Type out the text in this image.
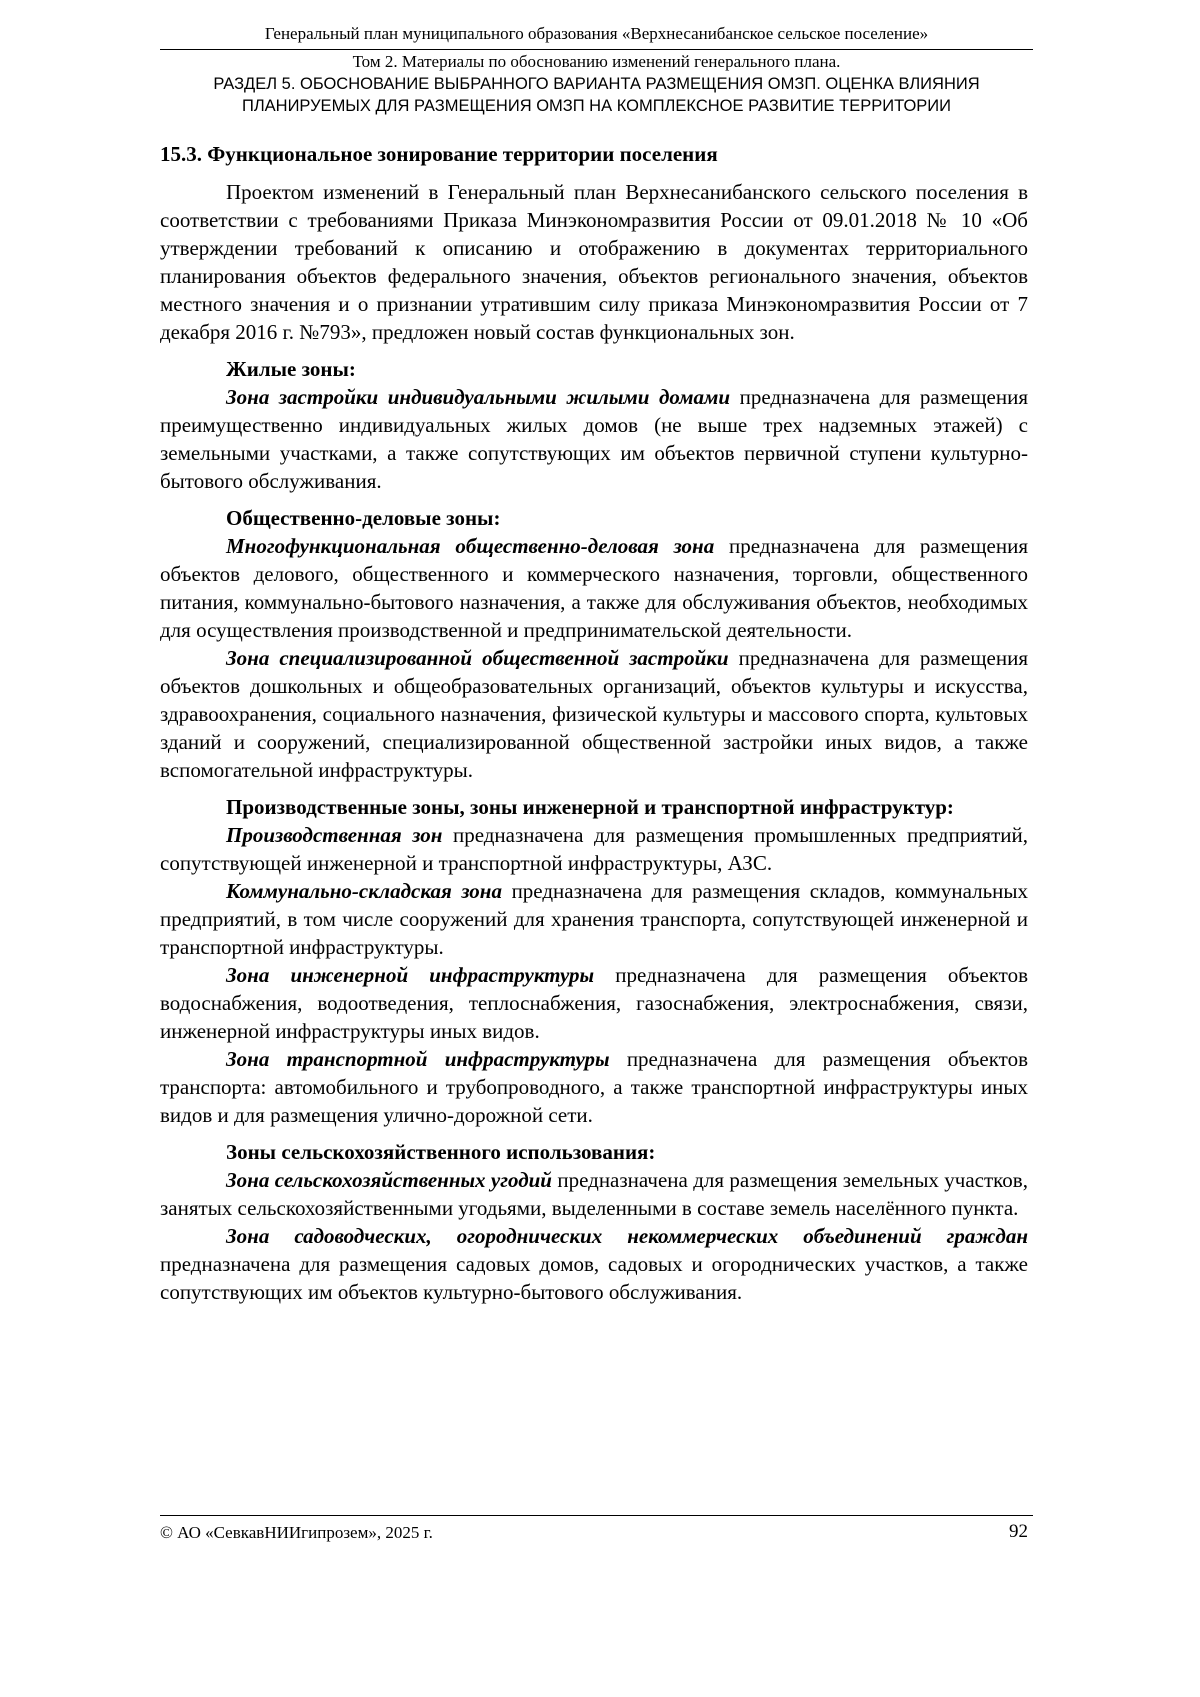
Генеральный план муниципального образования «Верхнесанибанское сельское поселение»
Том 2. Материалы по обоснованию изменений генерального плана.
РАЗДЕЛ 5. ОБОСНОВАНИЕ ВЫБРАННОГО ВАРИАНТА РАЗМЕЩЕНИЯ ОМЗП. ОЦЕНКА ВЛИЯНИЯ
ПЛАНИРУЕМЫХ ДЛЯ РАЗМЕЩЕНИЯ ОМЗП НА КОМПЛЕКСНОЕ РАЗВИТИЕ ТЕРРИТОРИИ
15.3. Функциональное зонирование территории поселения

Проектом изменений в Генеральный план Верхнесанибанского сельского поселения в соответствии с требованиями Приказа Минэкономразвития России от 09.01.2018 № 10 «Об утверждении требований к описанию и отображению в документах территориального планирования объектов федерального значения, объектов регионального значения, объектов местного значения и о признании утратившим силу приказа Минэкономразвития России от 7 декабря 2016 г. №793», предложен новый состав функциональных зон.

Жилые зоны:

Зона застройки индивидуальными жилыми домами предназначена для размещения преимущественно индивидуальных жилых домов (не выше трех надземных этажей) с земельными участками, а также сопутствующих им объектов первичной ступени культурно-бытового обслуживания.

Общественно-деловые зоны:

Многофункциональная общественно-деловая зона предназначена для размещения объектов делового, общественного и коммерческого назначения, торговли, общественного питания, коммунально-бытового назначения, а также для обслуживания объектов, необходимых для осуществления производственной и предпринимательской деятельности.

Зона специализированной общественной застройки предназначена для размещения объектов дошкольных и общеобразовательных организаций, объектов культуры и искусства, здравоохранения, социального назначения, физической культуры и массового спорта, культовых зданий и сооружений, специализированной общественной застройки иных видов, а также вспомогательной инфраструктуры.

Производственные зоны, зоны инженерной и транспортной инфраструктур:

Производственная зон предназначена для размещения промышленных предприятий, сопутствующей инженерной и транспортной инфраструктуры, АЗС.

Коммунально-складская зона предназначена для размещения складов, коммунальных предприятий, в том числе сооружений для хранения транспорта, сопутствующей инженерной и транспортной инфраструктуры.

Зона инженерной инфраструктуры предназначена для размещения объектов водоснабжения, водоотведения, теплоснабжения, газоснабжения, электроснабжения, связи, инженерной инфраструктуры иных видов.

Зона транспортной инфраструктуры предназначена для размещения объектов транспорта: автомобильного и трубопроводного, а также транспортной инфраструктуры иных видов и для размещения улично-дорожной сети.

Зоны сельскохозяйственного использования:

Зона сельскохозяйственных угодий предназначена для размещения земельных участков, занятых сельскохозяйственными угодьями, выделенными в составе земель населённого пункта.

Зона садоводческих, огороднических некоммерческих объединений граждан предназначена для размещения садовых домов, садовых и огороднических участков, а также сопутствующих им объектов культурно-бытового обслуживания.

© АО «СевкавНИИгипрозем», 2025 г.	92
